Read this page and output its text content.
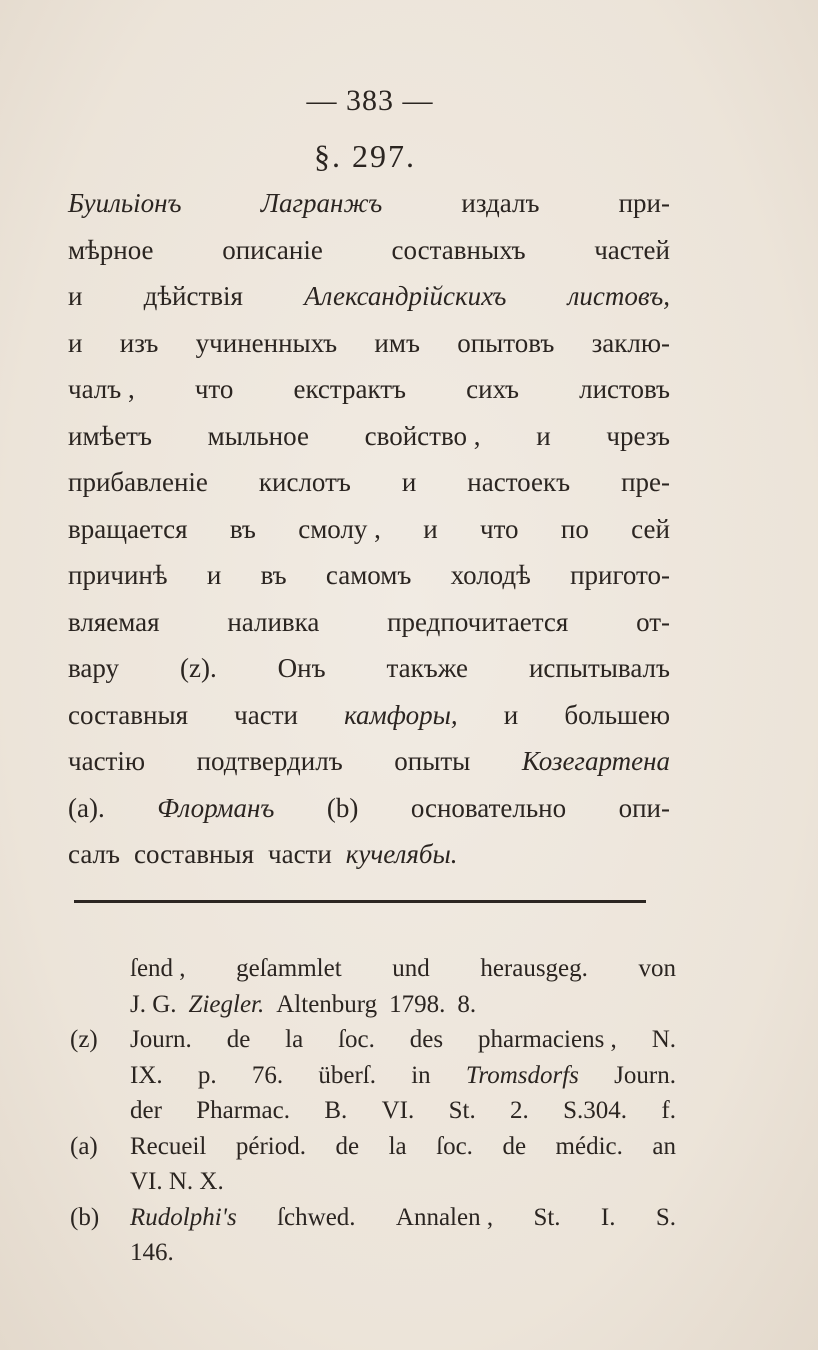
— 383 —
§. 297.
Буильіонъ	Лагранжъ	издалъ	при-
мѣрное	описаніе	составныхъ	частей
и дѣйствія Александрійскихъ листовъ,
и изъ учиненныхъ имъ опытовъ заклю-
чалъ , что екстрактъ сихъ листовъ
имѣетъ мыльное свойство , и чрезъ
прибавленіе кислотъ и настоекъ пре-
вращается въ смолу , и что по сей
причинѣ и въ самомъ холодѣ пригото-
вляемая	наливка	предпочитается	от-
вару (z). Онъ такъже испытывалъ
составныя части камфоры, и большею
частію подтвердилъ опыты Козегартена
(a). Флорманъ (b) основательно опи-
салъ составныя части кучелябы.
ſend , geſammlet und herausgeg. von
J. G. Ziegler. Altenburg 1798. 8.
(z)	Journ. de la ſoc. des pharmaciens , N.
IX. p. 76. überſ. in Tromsdorfs Journ.
der Pharmac. B. VI. St. 2. S.304. f.
(a)	Recueil périod. de la ſoc. de médic. an
VI. N. X.
(b)	Rudolphi's ſchwed. Annalen , St. I. S.
146.
